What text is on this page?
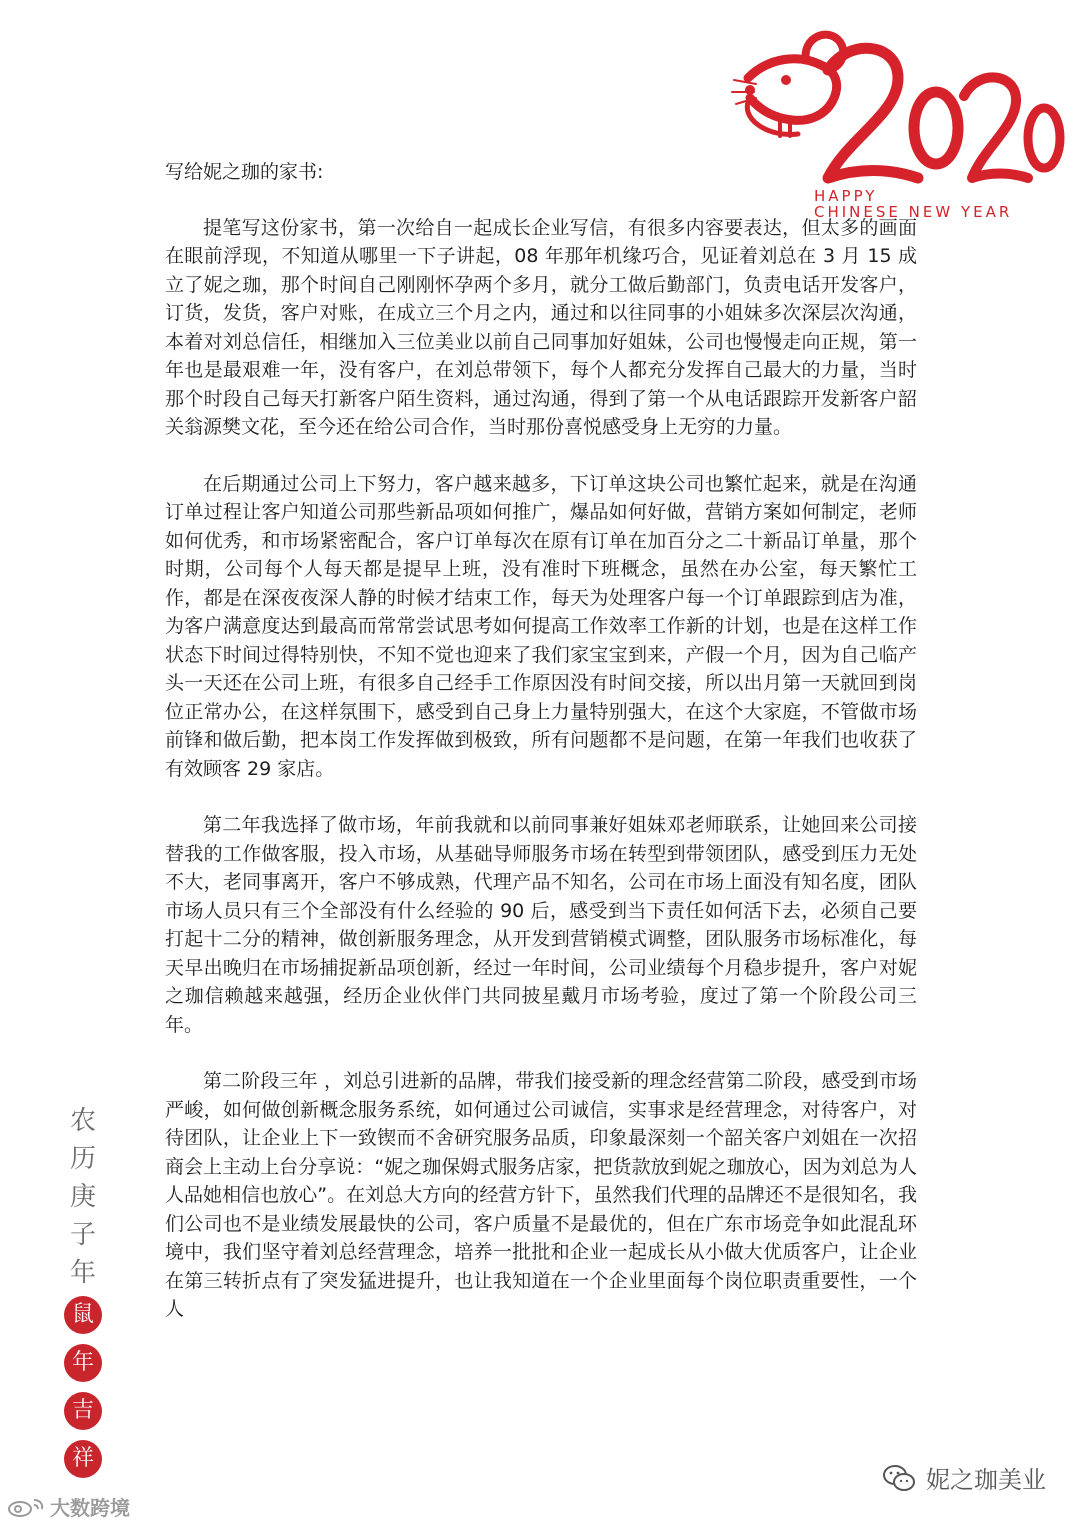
HAPPY
CHINESE NEW YEAR
写给妮之珈的家书:

提笔写这份家书，第一次给自一起成长企业写信，有很多内容要表达，但太多的画面在眼前浮现，不知道从哪里一下子讲起，08 年那年机缘巧合，见证着刘总在 3 月 15 成立了妮之珈，那个时间自己刚刚怀孕两个多月，就分工做后勤部门，负责电话开发客户，订货，发货，客户对账，在成立三个月之内，通过和以往同事的小姐妹多次深层次沟通，本着对刘总信任，相继加入三位美业以前自己同事加好姐妹，公司也慢慢走向正规，第一年也是最艰难一年，没有客户，在刘总带领下，每个人都充分发挥自己最大的力量，当时那个时段自己每天打新客户陌生资料，通过沟通，得到了第一个从电话跟踪开发新客户韶关翁源樊文花，至今还在给公司合作，当时那份喜悦感受身上无穷的力量。

在后期通过公司上下努力，客户越来越多，下订单这块公司也繁忙起来，就是在沟通订单过程让客户知道公司那些新品项如何推广，爆品如何好做，营销方案如何制定，老师如何优秀，和市场紧密配合，客户订单每次在原有订单在加百分之二十新品订单量，那个时期，公司每个人每天都是提早上班，没有准时下班概念，虽然在办公室，每天繁忙工作，都是在深夜夜深人静的时候才结束工作，每天为处理客户每一个订单跟踪到店为准，为客户满意度达到最高而常常尝试思考如何提高工作效率工作新的计划，也是在这样工作状态下时间过得特别快，不知不觉也迎来了我们家宝宝到来，产假一个月，因为自己临产头一天还在公司上班，有很多自己经手工作原因没有时间交接，所以出月第一天就回到岗位正常办公，在这样氛围下，感受到自己身上力量特别强大，在这个大家庭，不管做市场前锋和做后勤，把本岗工作发挥做到极致，所有问题都不是问题，在第一年我们也收获了有效顾客 29 家店。

第二年我选择了做市场，年前我就和以前同事兼好姐妹邓老师联系，让她回来公司接替我的工作做客服，投入市场，从基础导师服务市场在转型到带领团队，感受到压力无处不大，老同事离开，客户不够成熟，代理产品不知名，公司在市场上面没有知名度，团队市场人员只有三个全部没有什么经验的 90 后，感受到当下责任如何活下去，必须自己要打起十二分的精神，做创新服务理念，从开发到营销模式调整，团队服务市场标准化，每天早出晚归在市场捕捉新品项创新，经过一年时间，公司业绩每个月稳步提升，客户对妮之珈信赖越来越强，经历企业伙伴门共同披星戴月市场考验，度过了第一个阶段公司三年。

第二阶段三年 ，刘总引进新的品牌，带我们接受新的理念经营第二阶段，感受到市场严峻，如何做创新概念服务系统，如何通过公司诚信，实事求是经营理念，对待客户，对待团队，让企业上下一致锲而不舍研究服务品质，印象最深刻一个韶关客户刘姐在一次招商会上主动上台分享说：“妮之珈保姆式服务店家，把货款放到妮之珈放心，因为刘总为人人品她相信也放心”。在刘总大方向的经营方针下，虽然我们代理的品牌还不是很知名，我们公司也不是业绩发展最快的公司，客户质量不是最优的，但在广东市场竞争如此混乱环境中，我们坚守着刘总经营理念，培养一批批和企业一起成长从小做大优质客户，让企业在第三转折点有了突发猛进提升，也让我知道在一个企业里面每个岗位职责重要性，一个人

农
历
庚
子
年
鼠
年
吉
祥
大数跨境
妮之珈美业
